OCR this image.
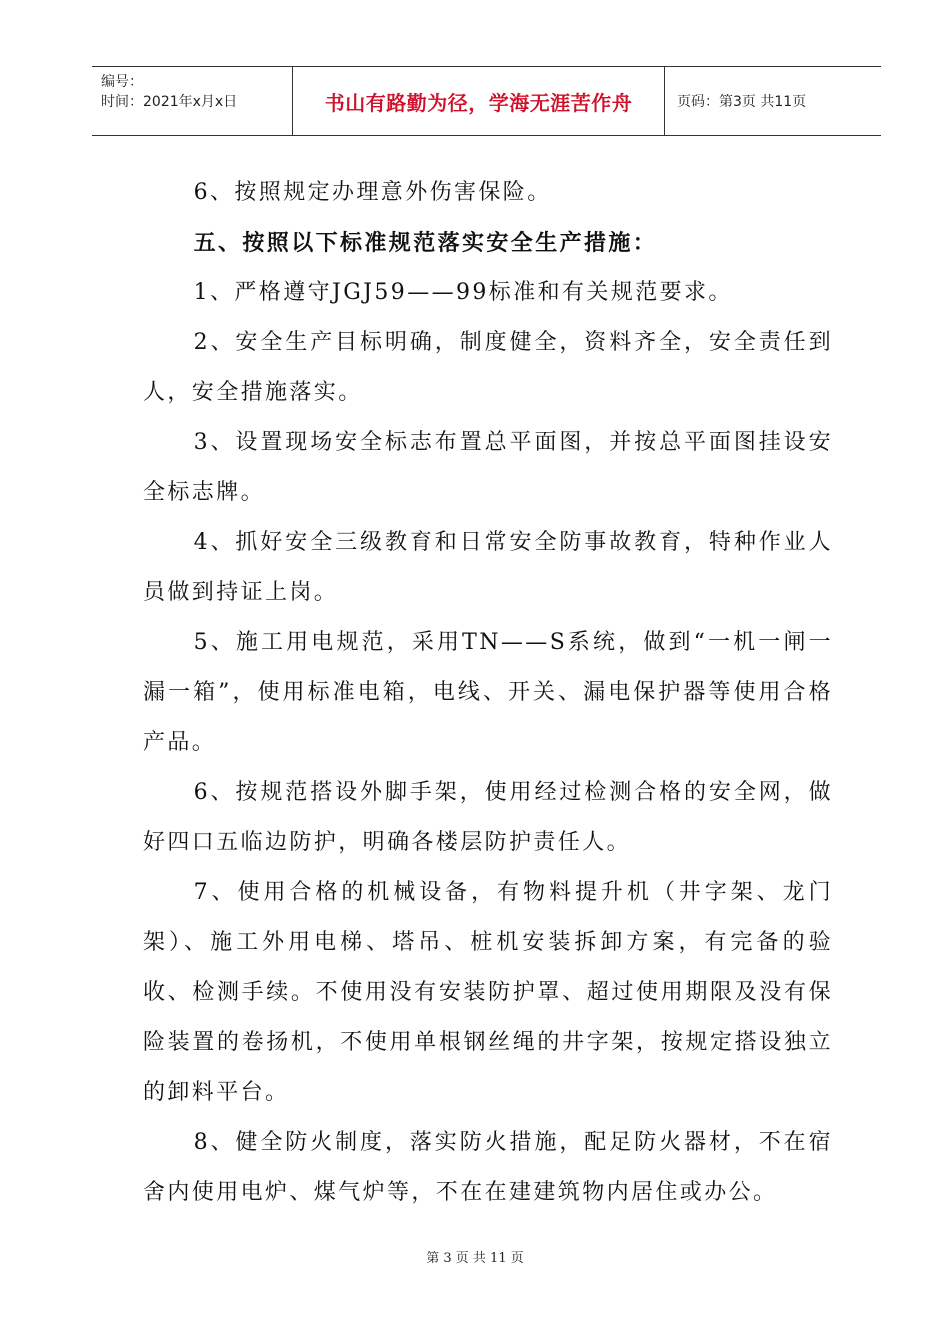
编号：
时间：2021年x月x日	书山有路勤为径，学海无涯苦作舟	页码：第3页 共11页

6、按照规定办理意外伤害保险。

五、按照以下标准规范落实安全生产措施：

1、严格遵守JGJ59——99标准和有关规范要求。

2、安全生产目标明确，制度健全，资料齐全，安全责任到人，安全措施落实。

3、设置现场安全标志布置总平面图，并按总平面图挂设安全标志牌。

4、抓好安全三级教育和日常安全防事故教育，特种作业人员做到持证上岗。

5、施工用电规范，采用TN——S系统，做到“一机一闸一漏一箱”，使用标准电箱，电线、开关、漏电保护器等使用合格产品。

6、按规范搭设外脚手架，使用经过检测合格的安全网，做好四口五临边防护，明确各楼层防护责任人。

7、使用合格的机械设备，有物料提升机（井字架、龙门架）、施工外用电梯、塔吊、桩机安装拆卸方案，有完备的验收、检测手续。不使用没有安装防护罩、超过使用期限及没有保险装置的卷扬机，不使用单根钢丝绳的井字架，按规定搭设独立的卸料平台。

8、健全防火制度，落实防火措施，配足防火器材，不在宿舍内使用电炉、煤气炉等，不在在建建筑物内居住或办公。

第 3 页 共 11 页
